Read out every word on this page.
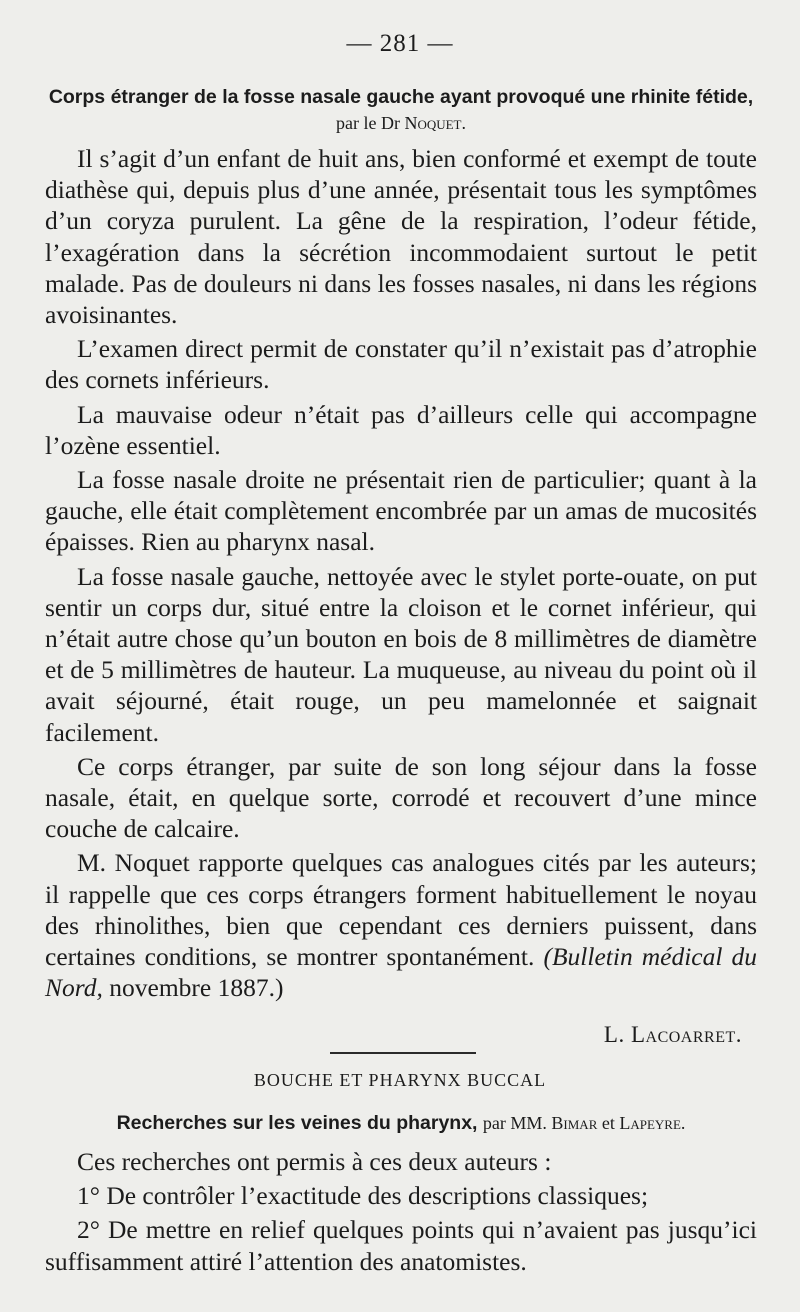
— 281 —
Corps étranger de la fosse nasale gauche ayant provoqué une rhinite fétide, par le Dr Noquet.

Il s’agit d’un enfant de huit ans, bien conformé et exempt de toute diathèse qui, depuis plus d’une année, présentait tous les symptômes d’un coryza purulent. La gêne de la respiration, l’odeur fétide, l’exagération dans la sécrétion incommodaient surtout le petit malade. Pas de douleurs ni dans les fosses nasales, ni dans les régions avoisinantes.

L’examen direct permit de constater qu’il n’existait pas d’atrophie des cornets inférieurs.

La mauvaise odeur n’était pas d’ailleurs celle qui accompagne l’ozène essentiel.

La fosse nasale droite ne présentait rien de particulier; quant à la gauche, elle était complètement encombrée par un amas de mucosités épaisses. Rien au pharynx nasal.

La fosse nasale gauche, nettoyée avec le stylet porte-ouate, on put sentir un corps dur, situé entre la cloison et le cornet inférieur, qui n’était autre chose qu’un bouton en bois de 8 millimètres de diamètre et de 5 millimètres de hauteur. La muqueuse, au niveau du point où il avait séjourné, était rouge, un peu mamelonnée et saignait facilement.

Ce corps étranger, par suite de son long séjour dans la fosse nasale, était, en quelque sorte, corrodé et recouvert d’une mince couche de calcaire.

M. Noquet rapporte quelques cas analogues cités par les auteurs; il rappelle que ces corps étrangers forment habituellement le noyau des rhinolithes, bien que cependant ces derniers puissent, dans certaines conditions, se montrer spontanément. (Bulletin médical du Nord, novembre 1887.)

L. Lacoarret.
BOUCHE ET PHARYNX BUCCAL
Recherches sur les veines du pharynx, par MM. Bimar et Lapeyre.

Ces recherches ont permis à ces deux auteurs :

1° De contrôler l’exactitude des descriptions classiques;

2° De mettre en relief quelques points qui n’avaient pas jusqu’ici suffisamment attiré l’attention des anatomistes.
